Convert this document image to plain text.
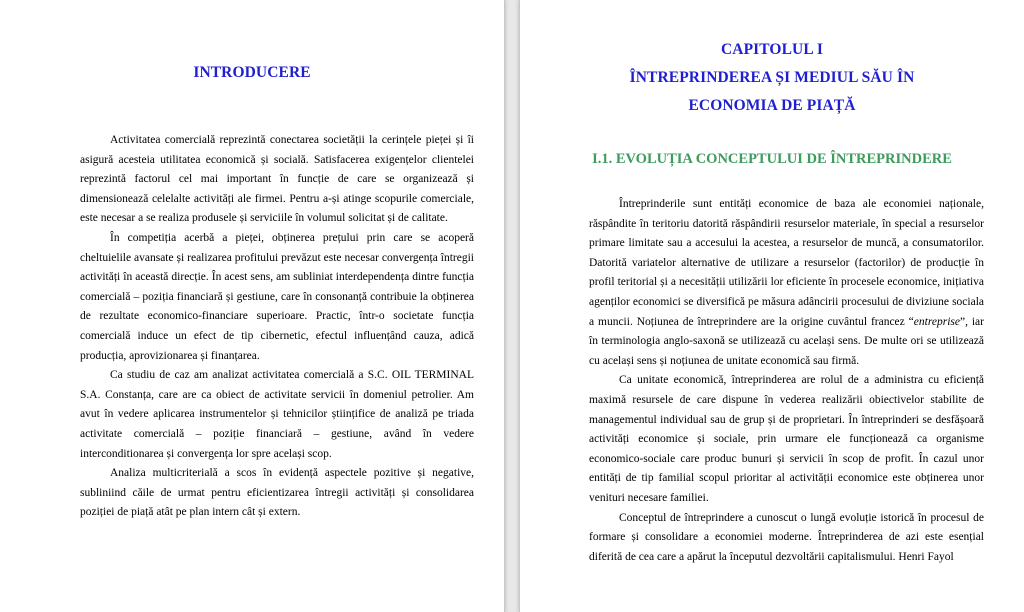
INTRODUCERE

Activitatea comercială reprezintă conectarea societății la cerințele pieței și îi asigură acesteia utilitatea economică și socială. Satisfacerea exigențelor clientelei reprezintă factorul cel mai important în funcție de care se organizează și dimensionează celelalte activități ale firmei. Pentru a-și atinge scopurile comerciale, este necesar a se realiza produsele și serviciile în volumul solicitat și de calitate.

În competiția acerbă a pieței, obținerea prețului prin care se acoperă cheltuielile avansate și realizarea profitului prevăzut este necesar convergența întregii activități în această direcție. În acest sens, am subliniat interdependența dintre funcția comercială – poziția financiară și gestiune, care în consonanță contribuie la obținerea de rezultate economico-financiare superioare. Practic, într-o societate funcția comercială induce un efect de tip cibernetic, efectul influențând cauza, adică producția, aprovizionarea și finanțarea.

Ca studiu de caz am analizat activitatea comercială a S.C. OIL TERMINAL S.A. Constanța, care are ca obiect de activitate servicii în domeniul petrolier. Am avut în vedere aplicarea instrumentelor și tehnicilor științifice de analiză pe triada activitate comercială – poziție financiară – gestiune, având în vedere interconditionarea și convergența lor spre același scop.

Analiza multicriterială a scos în evidență aspectele pozitive și negative, subliniind căile de urmat pentru eficientizarea întregii activități și consolidarea poziției de piață atât pe plan intern cât și extern.

CAPITOLUL I
ÎNTREPRINDEREA ȘI MEDIUL SĂU ÎN
ECONOMIA DE PIAȚĂ
I.1. EVOLUȚIA CONCEPTULUI DE ÎNTREPRINDERE

Întreprinderile sunt entități economice de baza ale economiei naționale, răspândite în teritoriu datorită răspândirii resurselor materiale, în special a resurselor primare limitate sau a accesului la acestea, a resurselor de muncă, a consumatorilor. Datorită variatelor alternative de utilizare a resurselor (factorilor) de producție în profil teritorial și a necesității utilizării lor eficiente în procesele economice, inițiativa agenților economici se diversifică pe măsura adâncirii procesului de diviziune sociala a muncii. Noțiunea de întreprindere are la origine cuvântul francez “entreprise”, iar în terminologia anglo-saxonă se utilizează cu același sens. De multe ori se utilizează cu același sens și noțiunea de unitate economică sau firmă.

Ca unitate economică, întreprinderea are rolul de a administra cu eficiență maximă resursele de care dispune în vederea realizării obiectivelor stabilite de managementul individual sau de grup și de proprietari. În întreprinderi se desfășoară activități economice și sociale, prin urmare ele funcționează ca organisme economico-sociale care produc bunuri și servicii în scop de profit. În cazul unor entități de tip familial scopul prioritar al activității economice este obținerea unor venituri necesare familiei.

Conceptul de întreprindere a cunoscut o lungă evoluție istorică în procesul de formare și consolidare a economiei moderne. Întreprinderea de azi este esențial diferită de cea care a apărut la începutul dezvoltării capitalismului. Henri Fayol
